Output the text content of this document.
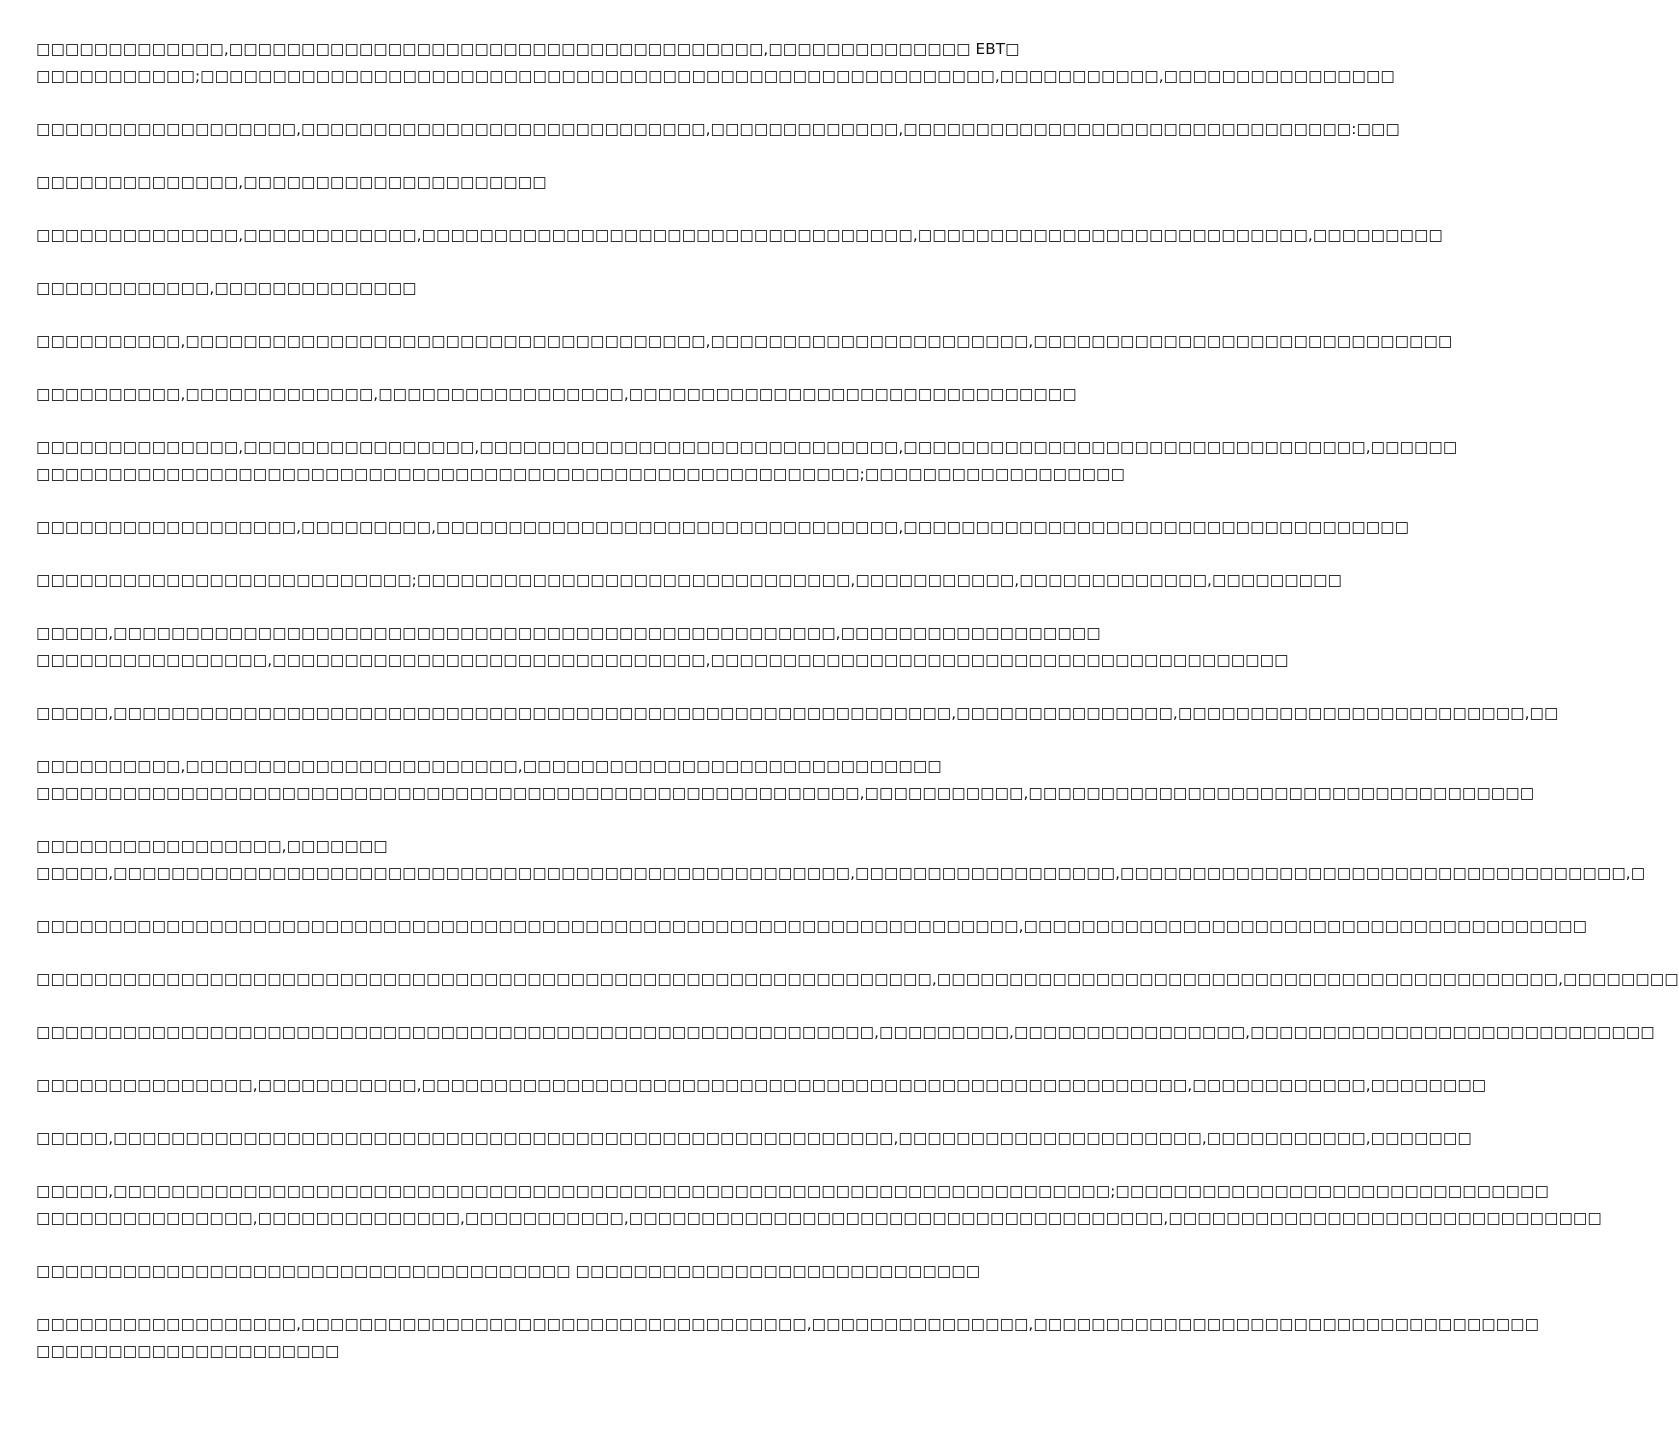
□□□□□□□□□□□□□,□□□□□□□□□□□□□□□□□□□□□□□□□□□□□□□□□□□□□,□□□□□□□□□□□□□□ EBT□
□□□□□□□□□□□;□□□□□□□□□□□□□□□□□□□□□□□□□□□□□□□□□□□□□□□□□□□□□□□□□□□□□□□,□□□□□□□□□□□,□□□□□□□□□□□□□□□□
□□□□□□□□□□□□□□□□□□,□□□□□□□□□□□□□□□□□□□□□□□□□□□□,□□□□□□□□□□□□□,□□□□□□□□□□□□□□□□□□□□□□□□□□□□□□□:□□□
□□□□□□□□□□□□□□,□□□□□□□□□□□□□□□□□□□□□
□□□□□□□□□□□□□□,□□□□□□□□□□□□,□□□□□□□□□□□□□□□□□□□□□□□□□□□□□□□□□□,□□□□□□□□□□□□□□□□□□□□□□□□□□□,□□□□□□□□□
□□□□□□□□□□□□,□□□□□□□□□□□□□□
□□□□□□□□□□,□□□□□□□□□□□□□□□□□□□□□□□□□□□□□□□□□□□□,□□□□□□□□□□□□□□□□□□□□□□,□□□□□□□□□□□□□□□□□□□□□□□□□□□□□
□□□□□□□□□□,□□□□□□□□□□□□□,□□□□□□□□□□□□□□□□□,□□□□□□□□□□□□□□□□□□□□□□□□□□□□□□□
□□□□□□□□□□□□□□,□□□□□□□□□□□□□□□□,□□□□□□□□□□□□□□□□□□□□□□□□□□□□□,□□□□□□□□□□□□□□□□□□□□□□□□□□□□□□□□,□□□□□□
□□□□□□□□□□□□□□□□□□□□□□□□□□□□□□□□□□□□□□□□□□□□□□□□□□□□□□□□□;□□□□□□□□□□□□□□□□□□
□□□□□□□□□□□□□□□□□□,□□□□□□□□□,□□□□□□□□□□□□□□□□□□□□□□□□□□□□□□□□,□□□□□□□□□□□□□□□□□□□□□□□□□□□□□□□□□□□
□□□□□□□□□□□□□□□□□□□□□□□□□□;□□□□□□□□□□□□□□□□□□□□□□□□□□□□□□,□□□□□□□□□□□,□□□□□□□□□□□□□,□□□□□□□□□
□□□□□,□□□□□□□□□□□□□□□□□□□□□□□□□□□□□□□□□□□□□□□□□□□□□□□□□□,□□□□□□□□□□□□□□□□□□
□□□□□□□□□□□□□□□□,□□□□□□□□□□□□□□□□□□□□□□□□□□□□□□,□□□□□□□□□□□□□□□□□□□□□□□□□□□□□□□□□□□□□□□□
□□□□□,□□□□□□□□□□□□□□□□□□□□□□□□□□□□□□□□□□□□□□□□□□□□□□□□□□□□□□□□□□,□□□□□□□□□□□□□□□,□□□□□□□□□□□□□□□□□□□□□□□□,□□
□□□□□□□□□□,□□□□□□□□□□□□□□□□□□□□□□□,□□□□□□□□□□□□□□□□□□□□□□□□□□□□□
□□□□□□□□□□□□□□□□□□□□□□□□□□□□□□□□□□□□□□□□□□□□□□□□□□□□□□□□□,□□□□□□□□□□□,□□□□□□□□□□□□□□□□□□□□□□□□□□□□□□□□□□□
□□□□□□□□□□□□□□□□□,□□□□□□□
□□□□□,□□□□□□□□□□□□□□□□□□□□□□□□□□□□□□□□□□□□□□□□□□□□□□□□□□□,□□□□□□□□□□□□□□□□□□,□□□□□□□□□□□□□□□□□□□□□□□□□□□□□□□□□□□,□
□□□□□□□□□□□□□□□□□□□□□□□□□□□□□□□□□□□□□□□□□□□□□□□□□□□□□□□□□□□□□□□□□□□□,□□□□□□□□□□□□□□□□□□□□□□□□□□□□□□□□□□□□□□□
□□□□□□□□□□□□□□□□□□□□□□□□□□□□□□□□□□□□□□□□□□□□□□□□□□□□□□□□□□□□□□,□□□□□□□□□□□□□□□□□□□□□□□□□□□□□□□□□□□□□□□□□□□,□□□□□□□□
□□□□□□□□□□□□□□□□□□□□□□□□□□□□□□□□□□□□□□□□□□□□□□□□□□□□□□□□□□,□□□□□□□□□,□□□□□□□□□□□□□□□□,□□□□□□□□□□□□□□□□□□□□□□□□□□□□
□□□□□□□□□□□□□□□,□□□□□□□□□□□,□□□□□□□□□□□□□□□□□□□□□□□□□□□□□□□□□□□□□□□□□□□□□□□□□□□□□,□□□□□□□□□□□□,□□□□□□□□
□□□□□,□□□□□□□□□□□□□□□□□□□□□□□□□□□□□□□□□□□□□□□□□□□□□□□□□□□□□□,□□□□□□□□□□□□□□□□□□□□□,□□□□□□□□□□□,□□□□□□□
□□□□□,□□□□□□□□□□□□□□□□□□□□□□□□□□□□□□□□□□□□□□□□□□□□□□□□□□□□□□□□□□□□□□□□□□□□□;□□□□□□□□□□□□□□□□□□□□□□□□□□□□□□
□□□□□□□□□□□□□□□,□□□□□□□□□□□□□□,□□□□□□□□□□□,□□□□□□□□□□□□□□□□□□□□□□□□□□□□□□□□□□□□□,□□□□□□□□□□□□□□□□□□□□□□□□□□□□□□
□□□□□□□□□□□□□□□□□□□□□□□□□□□□□□□□□□□□□ □□□□□□□□□□□□□□□□□□□□□□□□□□□□
□□□□□□□□□□□□□□□□□□,□□□□□□□□□□□□□□□□□□□□□□□□□□□□□□□□□□□,□□□□□□□□□□□□□□□,□□□□□□□□□□□□□□□□□□□□□□□□□□□□□□□□□□□
□□□□□□□□□□□□□□□□□□□□□
